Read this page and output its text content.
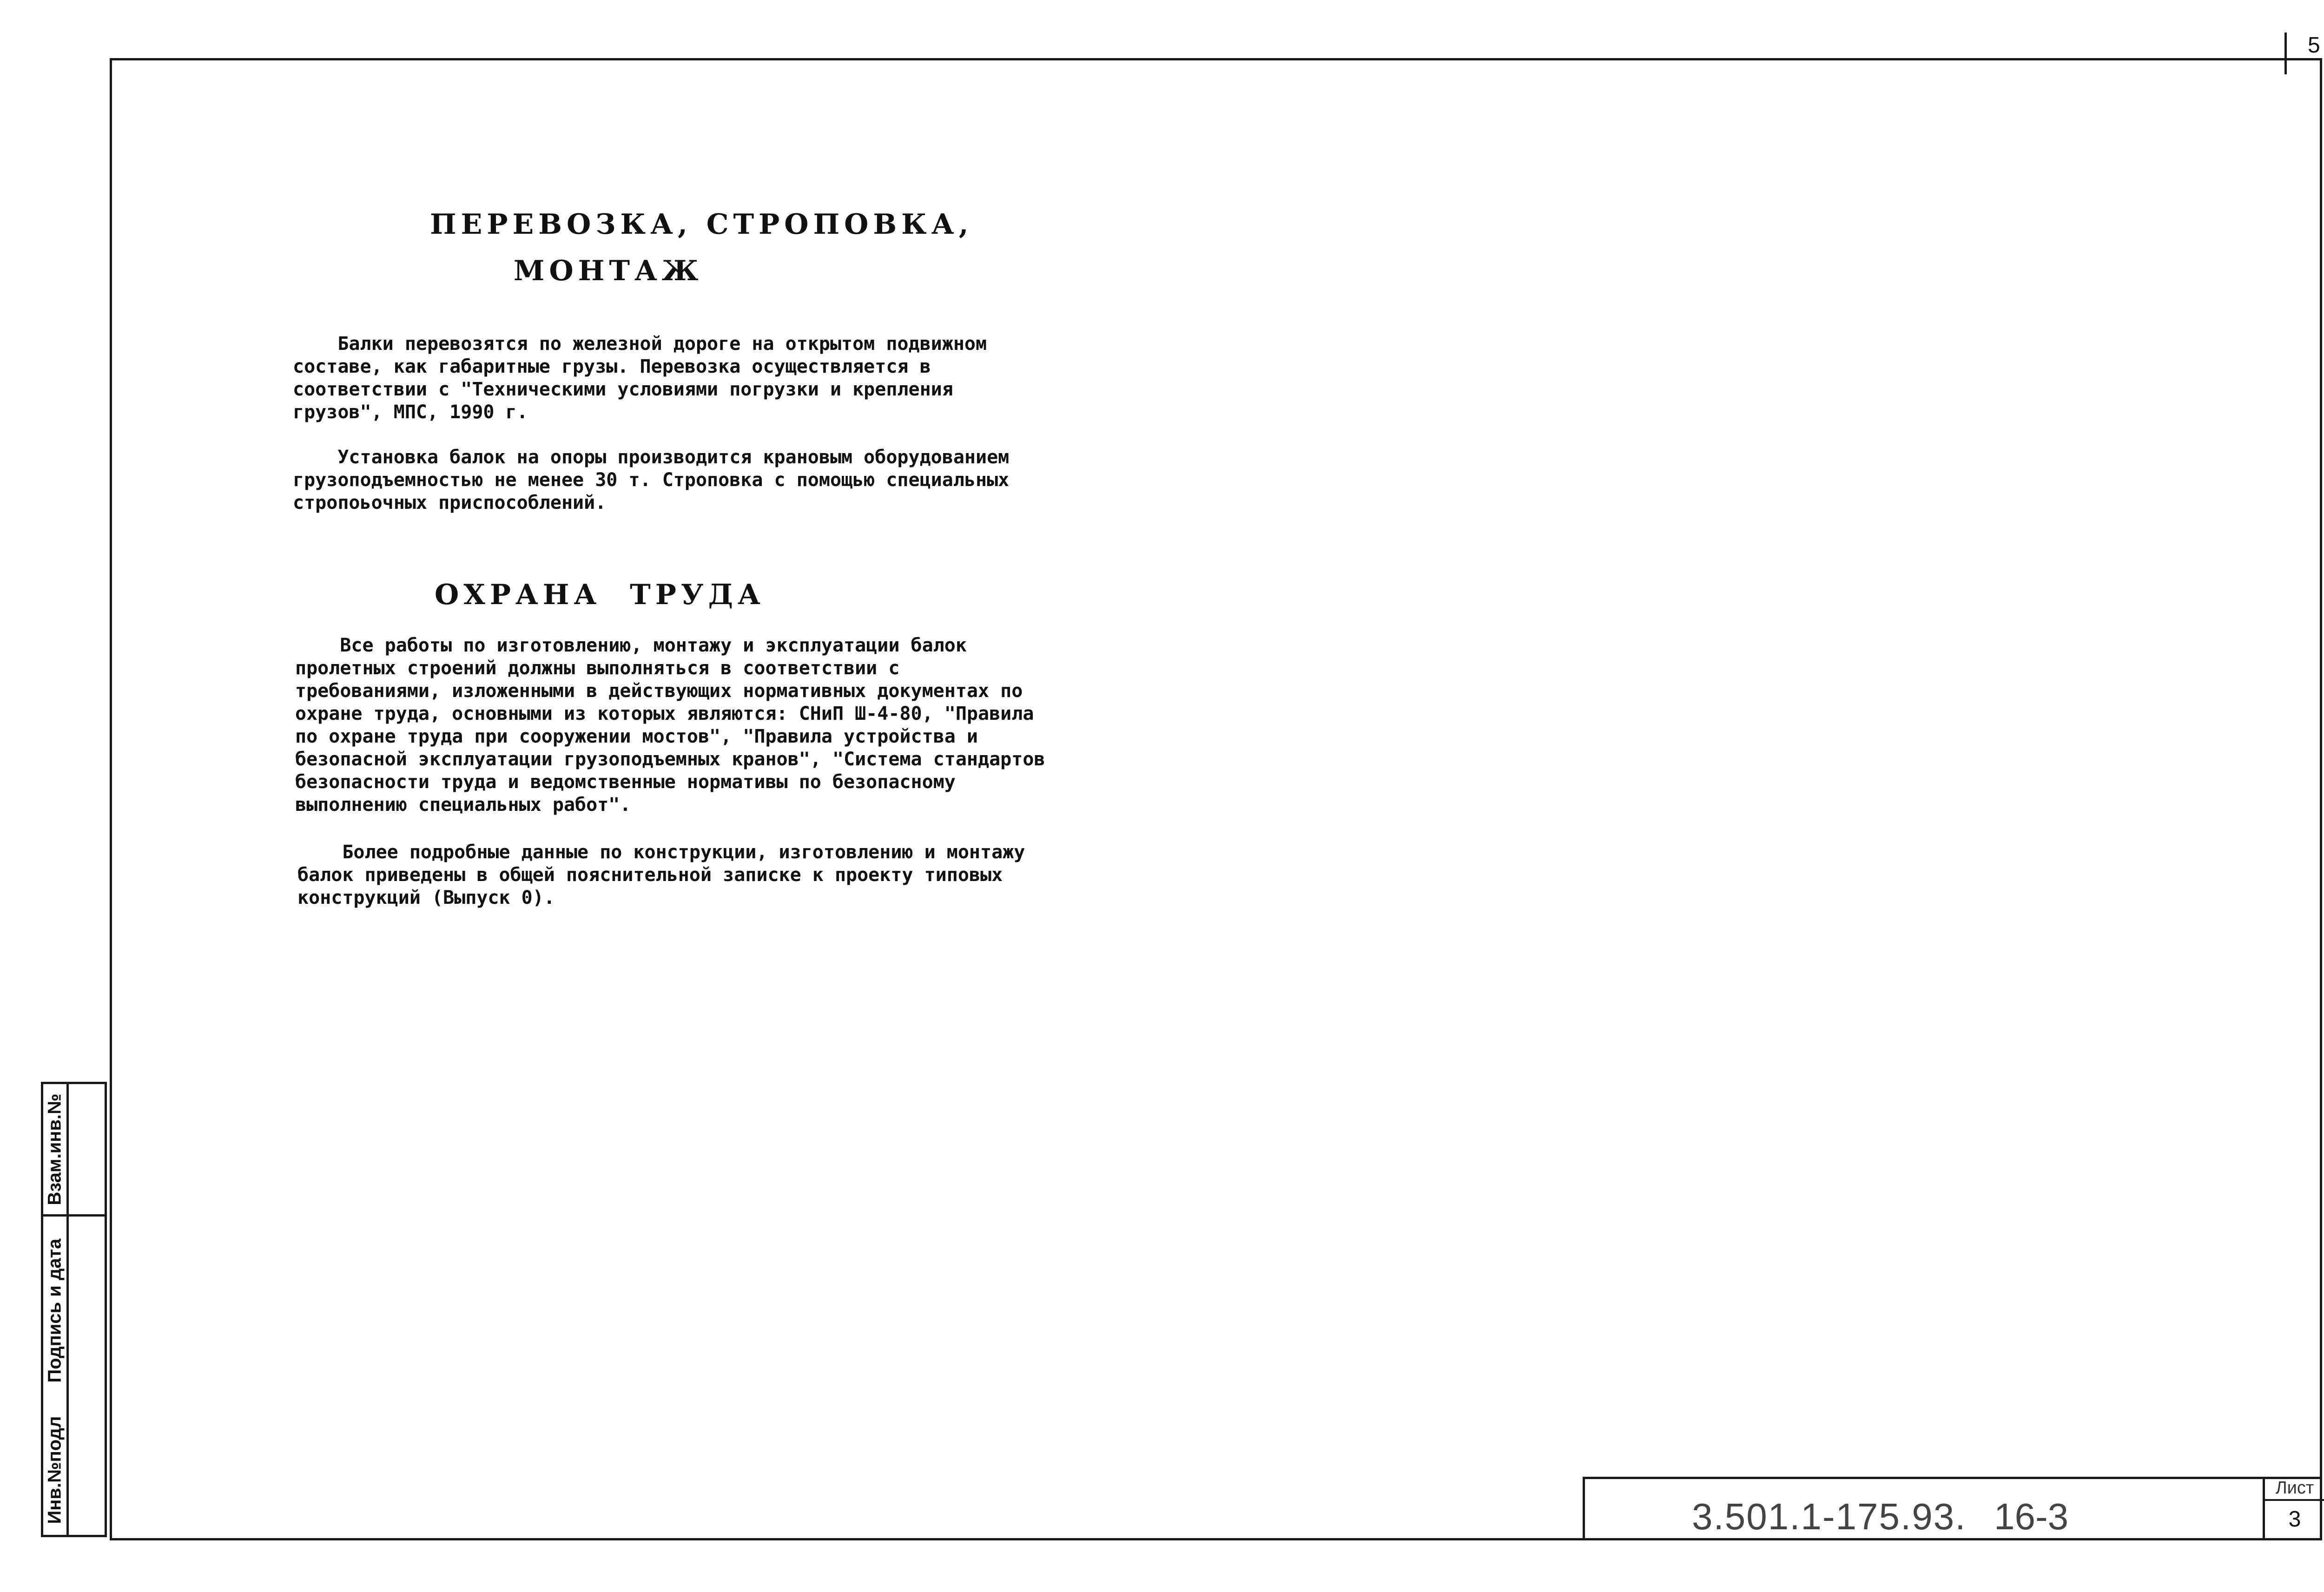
5
Инв.№подл
Подпись и дата
Взам.инв.№
ПЕРЕВОЗКА, СТРОПОВКА,
МОНТАЖ
Балки перевозятся по железной дороге на открытом подвижном
составе, как габаритные грузы. Перевозка осуществляется в
соответствии с "Техническими условиями погрузки и крепления
грузов", МПС, 1990 г.
Установка балок на опоры производится крановым оборудованием
грузоподъемностью не менее 30 т. Строповка с помощью специальных
стропоьочных приспособлений.
ОХРАНА  ТРУДА
Все работы по изготовлению, монтажу и эксплуатации балок
пролетных строений должны выполняться в соответствии с
требованиями, изложенными в действующих нормативных документах по
охране труда, основными из которых являются: СНиП Ш-4-80, "Правила
по охране труда при сооружении мостов", "Правила устройства и
безопасной эксплуатации грузоподъемных кранов", "Система стандартов
безопасности труда и ведомственные нормативы по безопасному
выполнению специальных работ".
Более подробные данные по конструкции, изготовлению и монтажу
балок приведены в общей пояснительной записке к проекту типовых
конструкций (Выпуск 0).
3.501.1-175.93. 16-3
Лист
3
